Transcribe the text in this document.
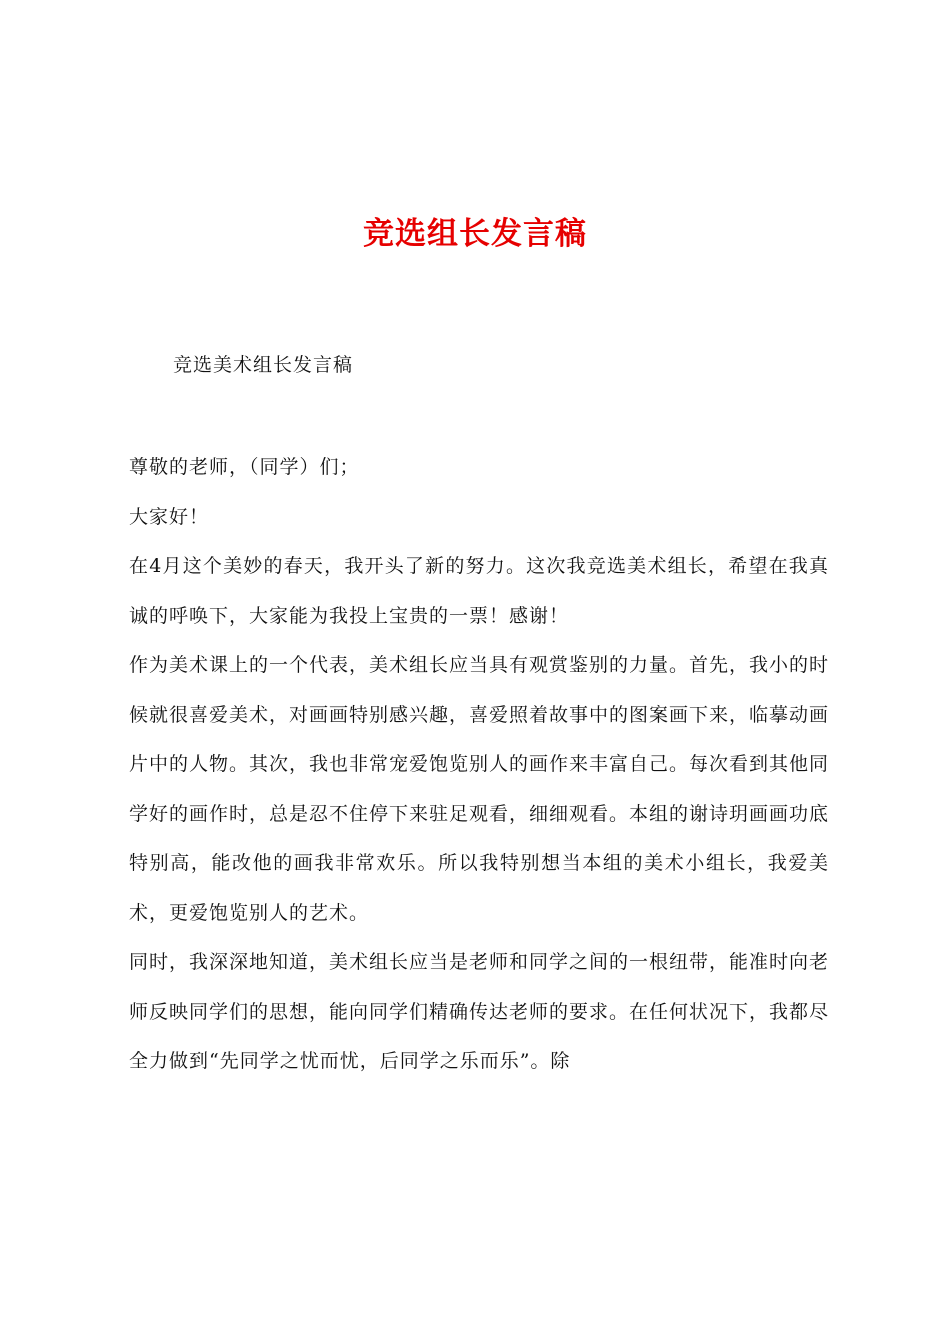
竞选组长发言稿
竞选美术组长发言稿

尊敬的老师，（同学）们；

大家好！

在4月这个美妙的春天，我开头了新的努力。这次我竞选美术组长，希望在我真诚的呼唤下，大家能为我投上宝贵的一票！感谢！

作为美术课上的一个代表，美术组长应当具有观赏鉴别的力量。首先，我小的时候就很喜爱美术，对画画特别感兴趣，喜爱照着故事中的图案画下来，临摹动画片中的人物。其次，我也非常宠爱饱览别人的画作来丰富自己。每次看到其他同学好的画作时，总是忍不住停下来驻足观看，细细观看。本组的谢诗玥画画功底特别高，能改他的画我非常欢乐。所以我特别想当本组的美术小组长，我爱美术，更爱饱览别人的艺术。

同时，我深深地知道，美术组长应当是老师和同学之间的一根纽带，能准时向老师反映同学们的思想，能向同学们精确传达老师的要求。在任何状况下，我都尽全力做到“先同学之忧而忧，后同学之乐而乐”。除
